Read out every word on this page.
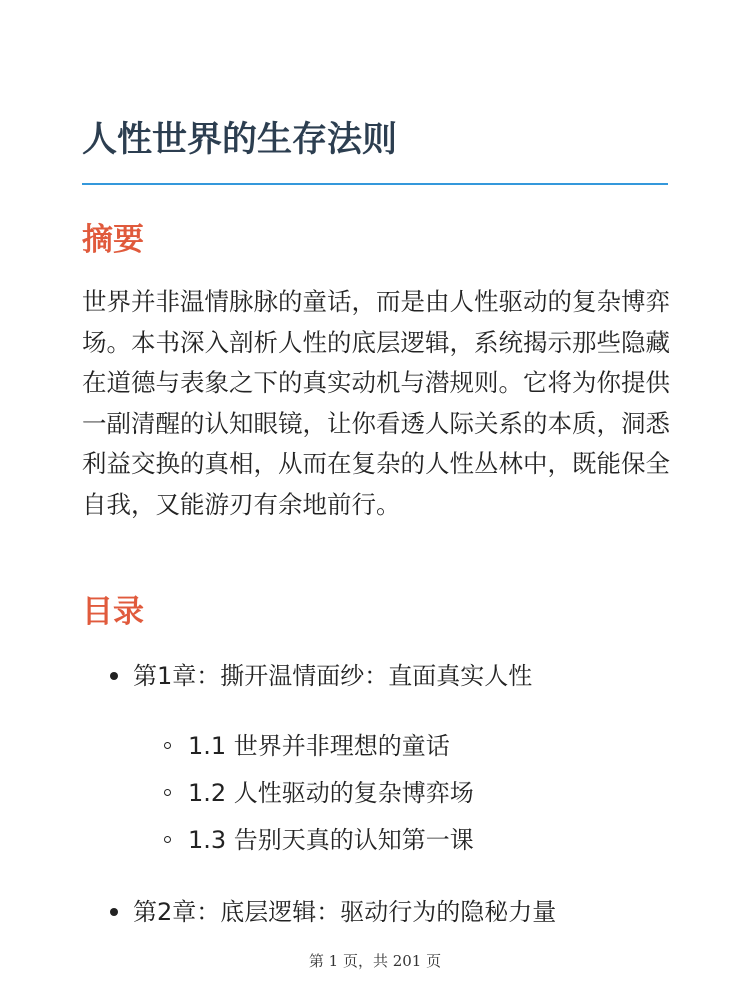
人性世界的生存法则
摘要

世界并非温情脉脉的童话，而是由人性驱动的复杂博弈场。本书深入剖析人性的底层逻辑，系统揭示那些隐藏在道德与表象之下的真实动机与潜规则。它将为你提供一副清醒的认知眼镜，让你看透人际关系的本质，洞悉利益交换的真相，从而在复杂的人性丛林中，既能保全自我，又能游刃有余地前行。

目录
第1章：撕开温情面纱：直面真实人性
1.1 世界并非理想的童话
1.2 人性驱动的复杂博弈场
1.3 告别天真的认知第一课
第2章：底层逻辑：驱动行为的隐秘力量
第 1 页，共 201 页
